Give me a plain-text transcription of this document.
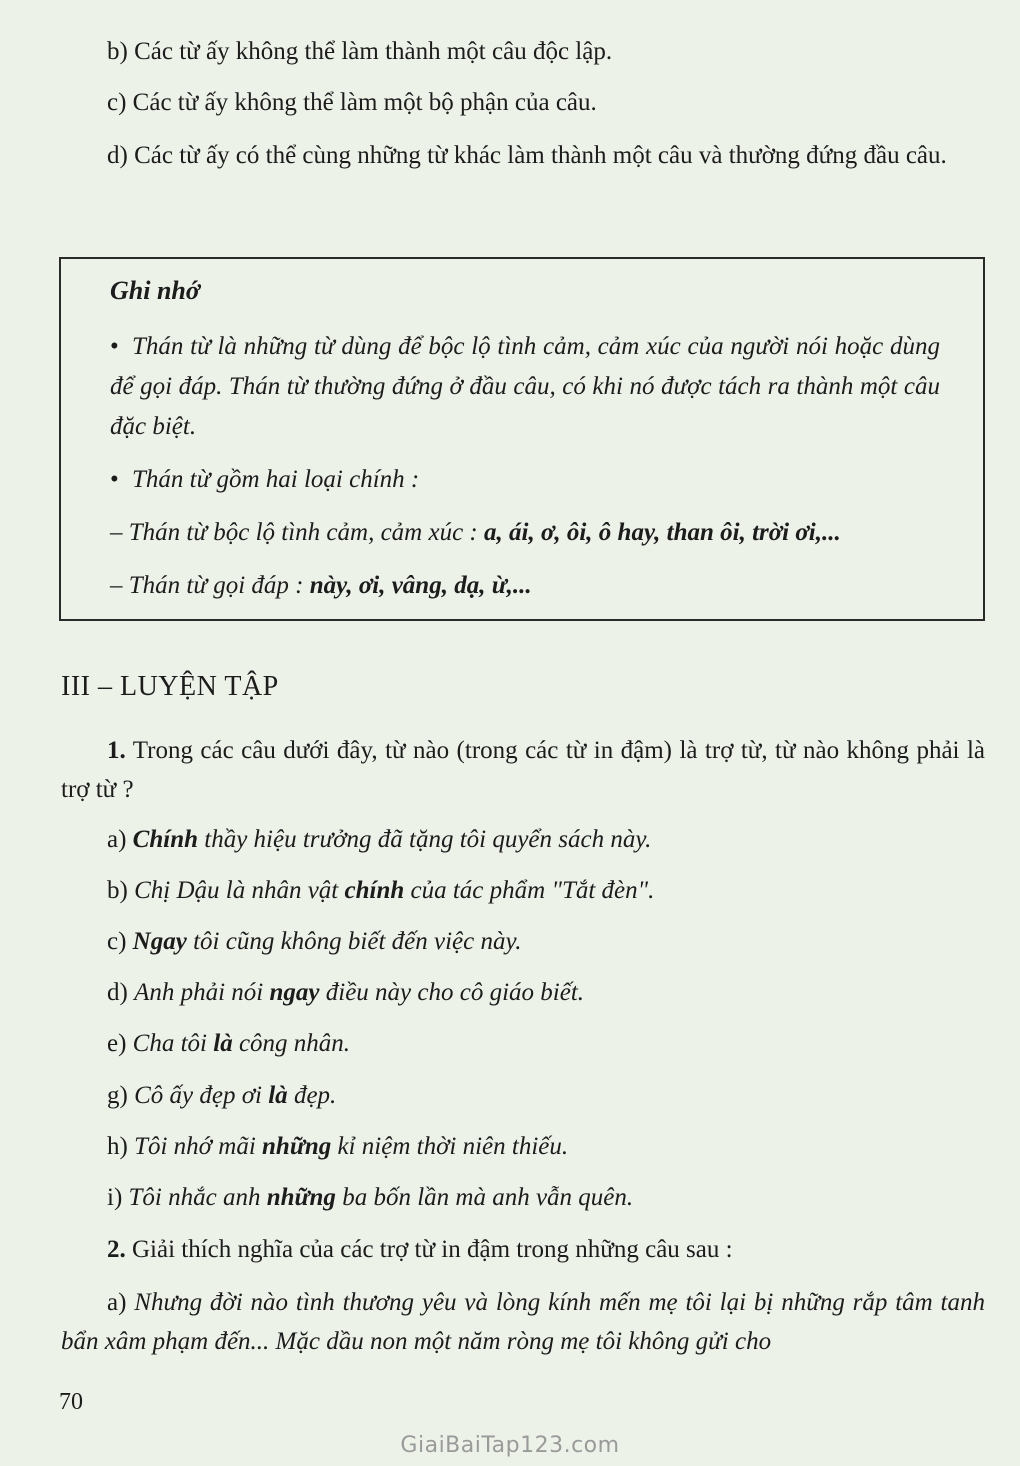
b) Các từ ấy không thể làm thành một câu độc lập.
c) Các từ ấy không thể làm một bộ phận của câu.
d) Các từ ấy có thể cùng những từ khác làm thành một câu và thường đứng đầu câu.
Ghi nhớ
• Thán từ là những từ dùng để bộc lộ tình cảm, cảm xúc của người nói hoặc dùng để gọi đáp. Thán từ thường đứng ở đầu câu, có khi nó được tách ra thành một câu đặc biệt.
• Thán từ gồm hai loại chính :
– Thán từ bộc lộ tình cảm, cảm xúc : a, ái, ơ, ôi, ô hay, than ôi, trời ơi,...
– Thán từ gọi đáp : này, ơi, vâng, dạ, ừ,...
III – LUYỆN TẬP
1. Trong các câu dưới đây, từ nào (trong các từ in đậm) là trợ từ, từ nào không phải là trợ từ ?
a) Chính thầy hiệu trưởng đã tặng tôi quyển sách này.
b) Chị Dậu là nhân vật chính của tác phẩm "Tắt đèn".
c) Ngay tôi cũng không biết đến việc này.
d) Anh phải nói ngay điều này cho cô giáo biết.
e) Cha tôi là công nhân.
g) Cô ấy đẹp ơi là đẹp.
h) Tôi nhớ mãi những kỉ niệm thời niên thiếu.
i) Tôi nhắc anh những ba bốn lần mà anh vẫn quên.
2. Giải thích nghĩa của các trợ từ in đậm trong những câu sau :
a) Nhưng đời nào tình thương yêu và lòng kính mến mẹ tôi lại bị những rắp tâm tanh bẩn xâm phạm đến... Mặc dầu non một năm ròng mẹ tôi không gửi cho
70
GiaiBaiTap123.com
